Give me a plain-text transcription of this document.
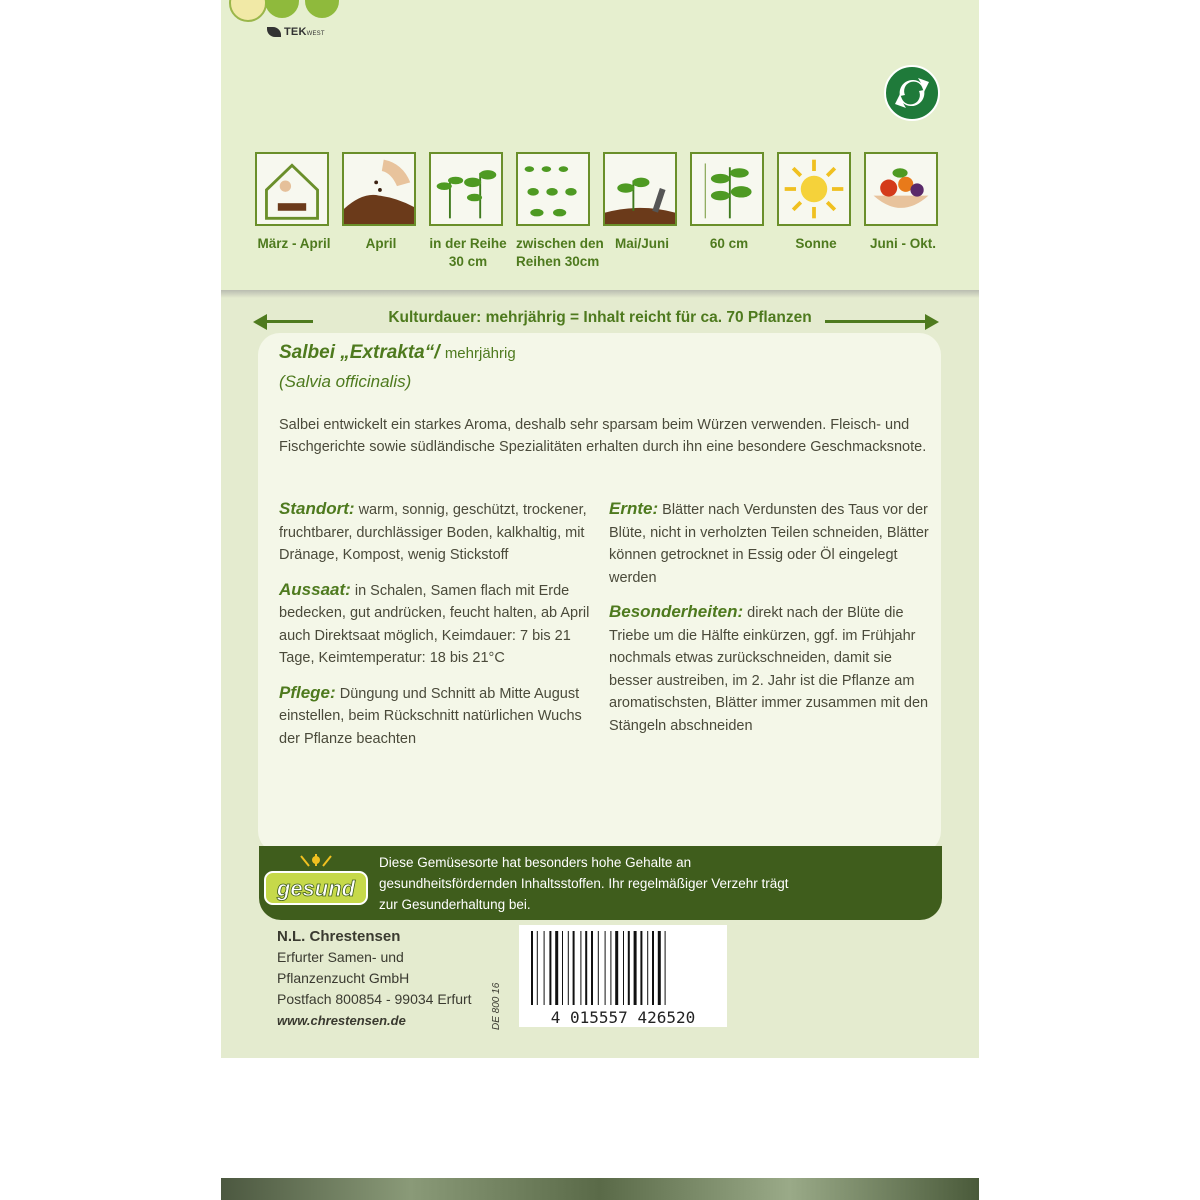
TEKWEST
März - April	April	in der Reihe
30 cm
zwischen den
Reihen 30cm
Mai/Juni	60 cm	Sonne	Juni - Okt.
Kulturdauer: mehrjährig = Inhalt reicht für ca. 70 Pflanzen
Salbei „Extrakta“/ mehrjährig
(Salvia officinalis)
Salbei entwickelt ein starkes Aroma, deshalb sehr sparsam beim Würzen verwenden. Fleisch- und Fischgerichte sowie südländische Spezialitäten erhalten durch ihn eine besondere Geschmacksnote.
Standort: warm, sonnig, geschützt, trockener, fruchtbarer, durchlässiger Boden, kalkhaltig, mit Dränage, Kompost, wenig Stickstoff
Aussaat: in Schalen, Samen flach mit Erde bedecken, gut andrücken, feucht halten, ab April auch Direktsaat möglich, Keimdauer: 7 bis 21 Tage, Keimtemperatur: 18 bis 21°C
Pflege: Düngung und Schnitt ab Mitte August einstellen, beim Rückschnitt natürlichen Wuchs der Pflanze beachten
Ernte: Blätter nach Verdunsten des Taus vor der Blüte, nicht in verholzten Teilen schneiden, Blätter können getrocknet in Essig oder Öl eingelegt werden
Besonderheiten: direkt nach der Blüte die Triebe um die Hälfte einkürzen, ggf. im Frühjahr nochmals etwas zurückschneiden, damit sie besser austreiben, im 2. Jahr ist die Pflanze am aromatischsten, Blätter immer zusammen mit den Stängeln abschneiden
gesund
Diese Gemüsesorte hat besonders hohe Gehalte an gesundheitsfördernden Inhaltsstoffen. Ihr regelmäßiger Verzehr trägt zur Gesunderhaltung bei.
N.L. Chrestensen
Erfurter Samen- und
Pflanzenzucht GmbH
Postfach 800854 - 99034 Erfurt
www.chrestensen.de	DE 800 16	4 015557 426520
